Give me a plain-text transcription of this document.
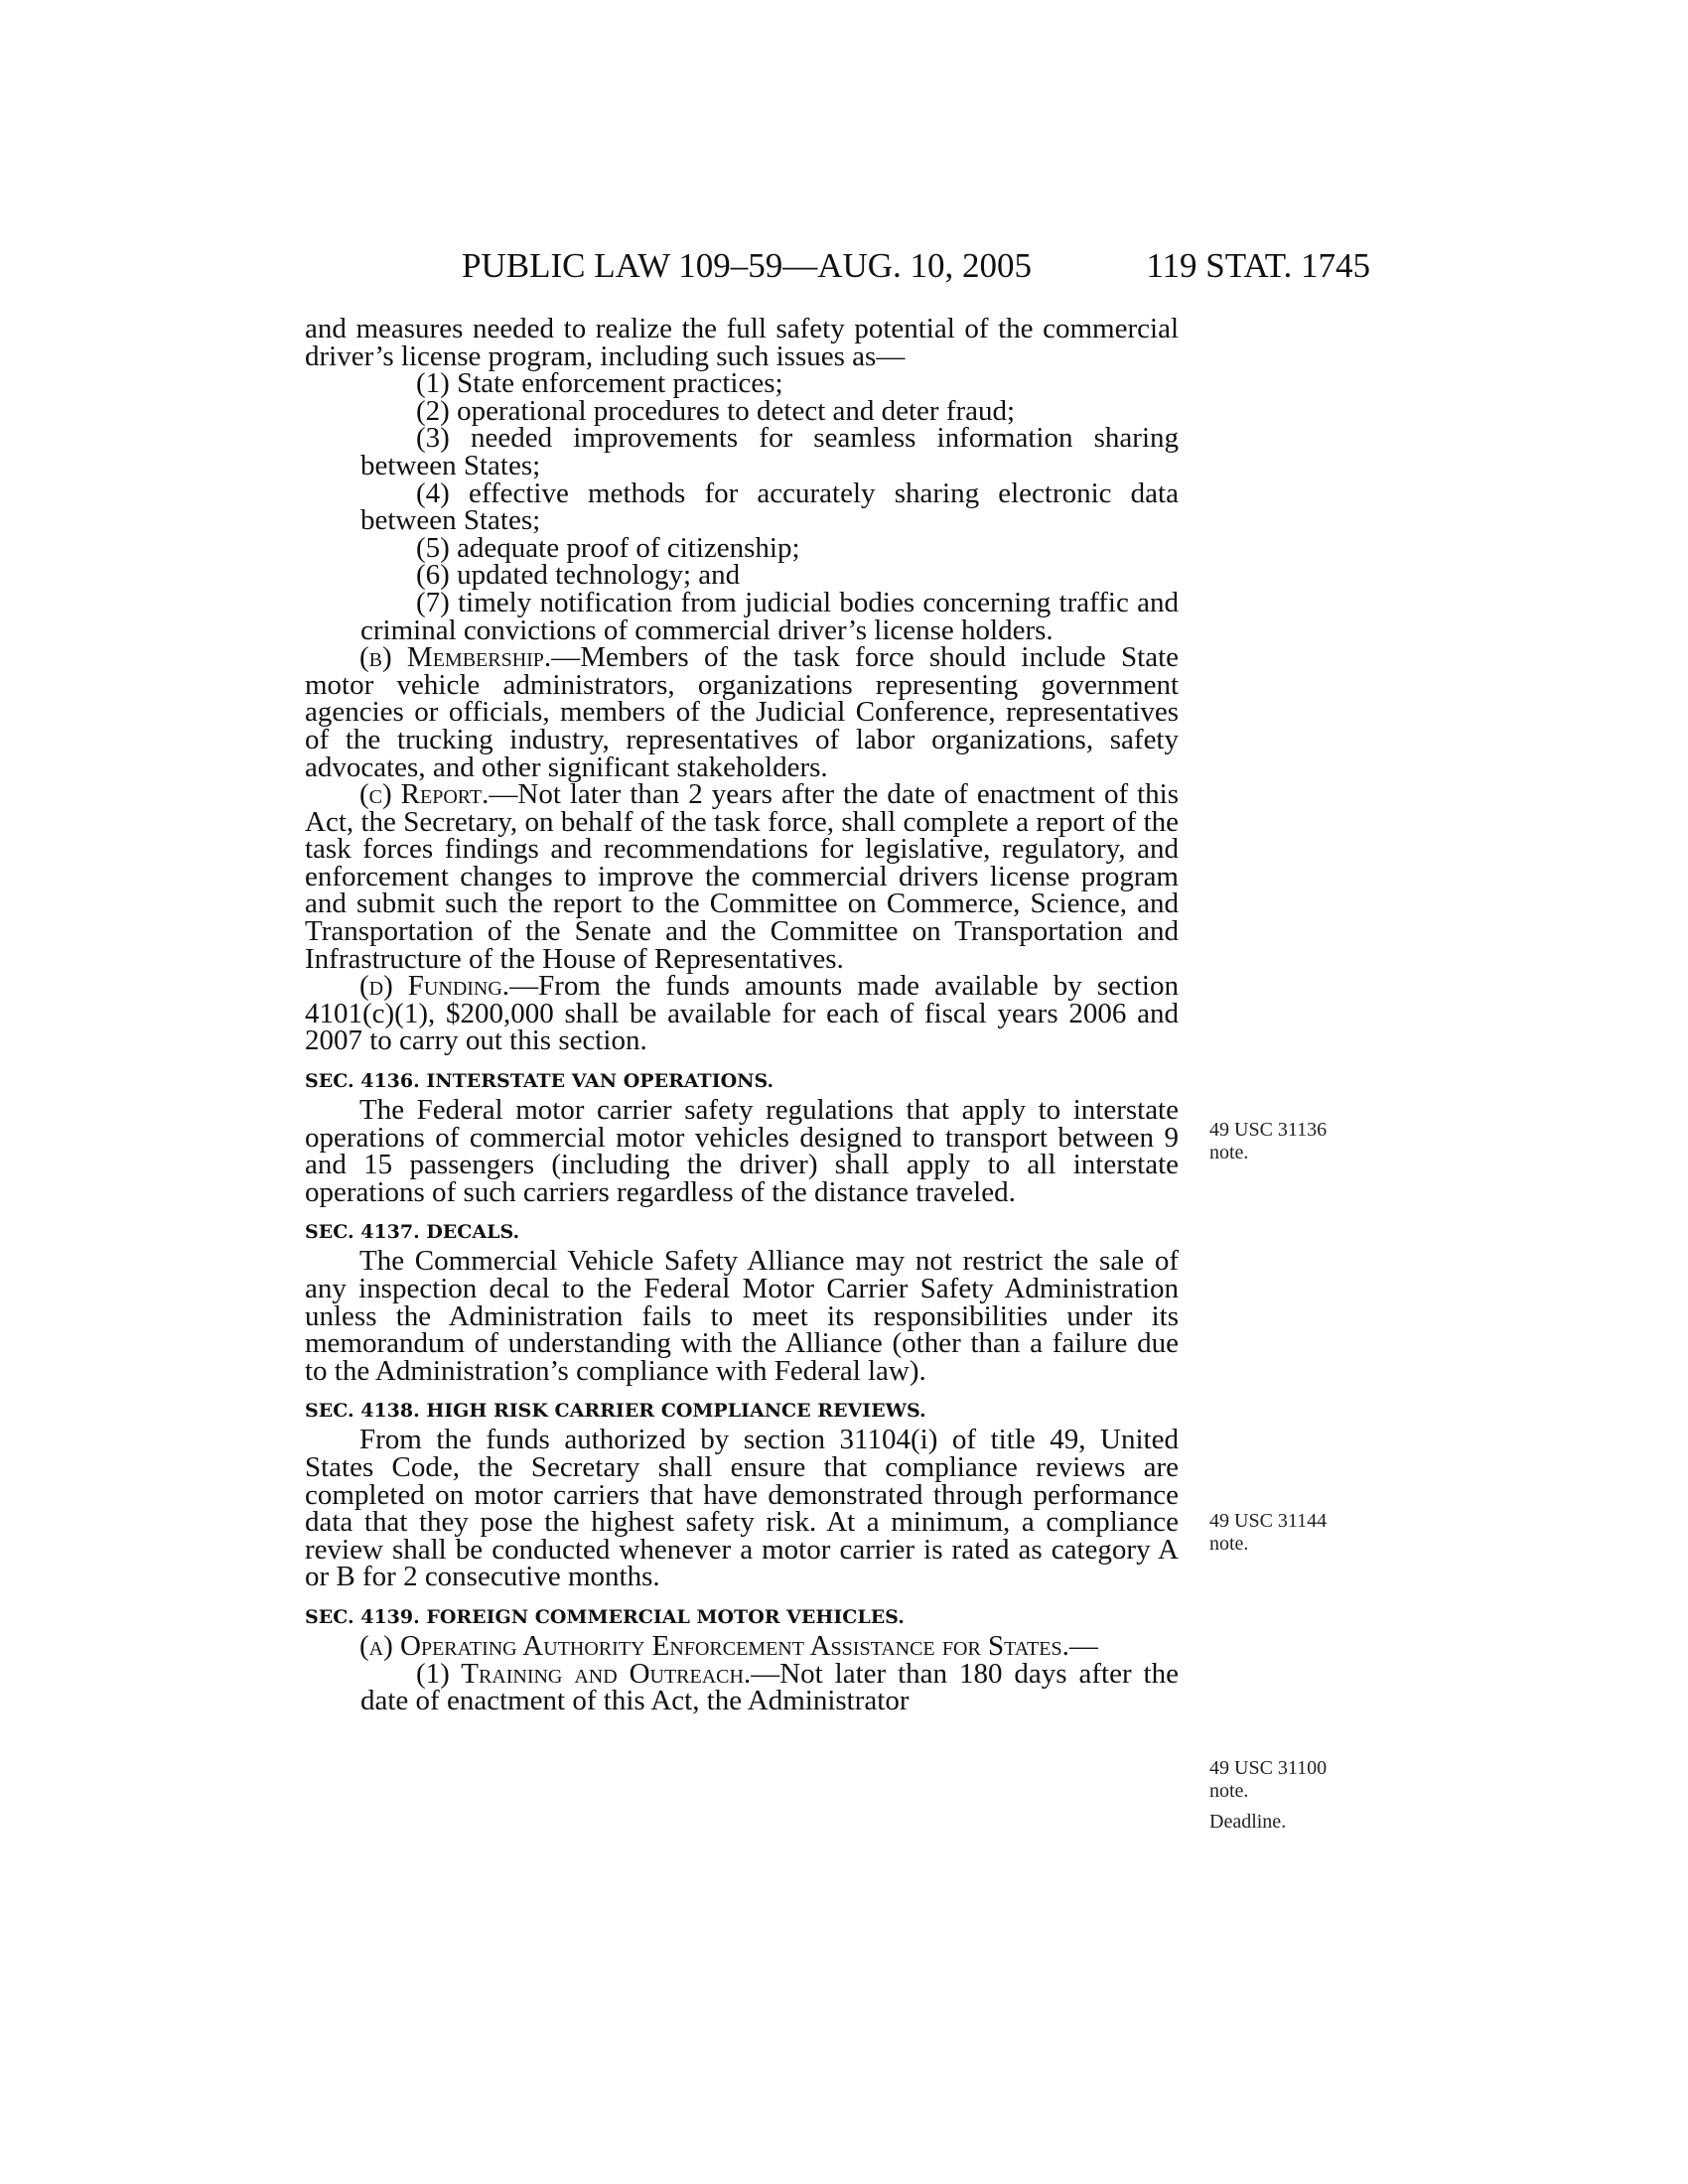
PUBLIC LAW 109–59—AUG. 10, 2005	119 STAT. 1745

and measures needed to realize the full safety potential of the commercial driver’s license program, including such issues as—

(1) State enforcement practices;

(2) operational procedures to detect and deter fraud;

(3) needed improvements for seamless information sharing between States;

(4) effective methods for accurately sharing electronic data between States;

(5) adequate proof of citizenship;

(6) updated technology; and

(7) timely notification from judicial bodies concerning traffic and criminal convictions of commercial driver’s license holders.

(b) Membership.—Members of the task force should include State motor vehicle administrators, organizations representing government agencies or officials, members of the Judicial Conference, representatives of the trucking industry, representatives of labor organizations, safety advocates, and other significant stakeholders.

(c) Report.—Not later than 2 years after the date of enactment of this Act, the Secretary, on behalf of the task force, shall complete a report of the task forces findings and recommendations for legislative, regulatory, and enforcement changes to improve the commercial drivers license program and submit such the report to the Committee on Commerce, Science, and Transportation of the Senate and the Committee on Transportation and Infrastructure of the House of Representatives.

(d) Funding.—From the funds amounts made available by section 4101(c)(1), $200,000 shall be available for each of fiscal years 2006 and 2007 to carry out this section.

SEC. 4136. INTERSTATE VAN OPERATIONS.

The Federal motor carrier safety regulations that apply to interstate operations of commercial motor vehicles designed to transport between 9 and 15 passengers (including the driver) shall apply to all interstate operations of such carriers regardless of the distance traveled.

SEC. 4137. DECALS.

The Commercial Vehicle Safety Alliance may not restrict the sale of any inspection decal to the Federal Motor Carrier Safety Administration unless the Administration fails to meet its responsibilities under its memorandum of understanding with the Alliance (other than a failure due to the Administration’s compliance with Federal law).

SEC. 4138. HIGH RISK CARRIER COMPLIANCE REVIEWS.

From the funds authorized by section 31104(i) of title 49, United States Code, the Secretary shall ensure that compliance reviews are completed on motor carriers that have demonstrated through performance data that they pose the highest safety risk. At a minimum, a compliance review shall be conducted whenever a motor carrier is rated as category A or B for 2 consecutive months.

SEC. 4139. FOREIGN COMMERCIAL MOTOR VEHICLES.

(a) Operating Authority Enforcement Assistance for States.—

(1) Training and Outreach.—Not later than 180 days after the date of enactment of this Act, the Administrator

49 USC 31136
note.
49 USC 31144
note.
49 USC 31100
note.
Deadline.
